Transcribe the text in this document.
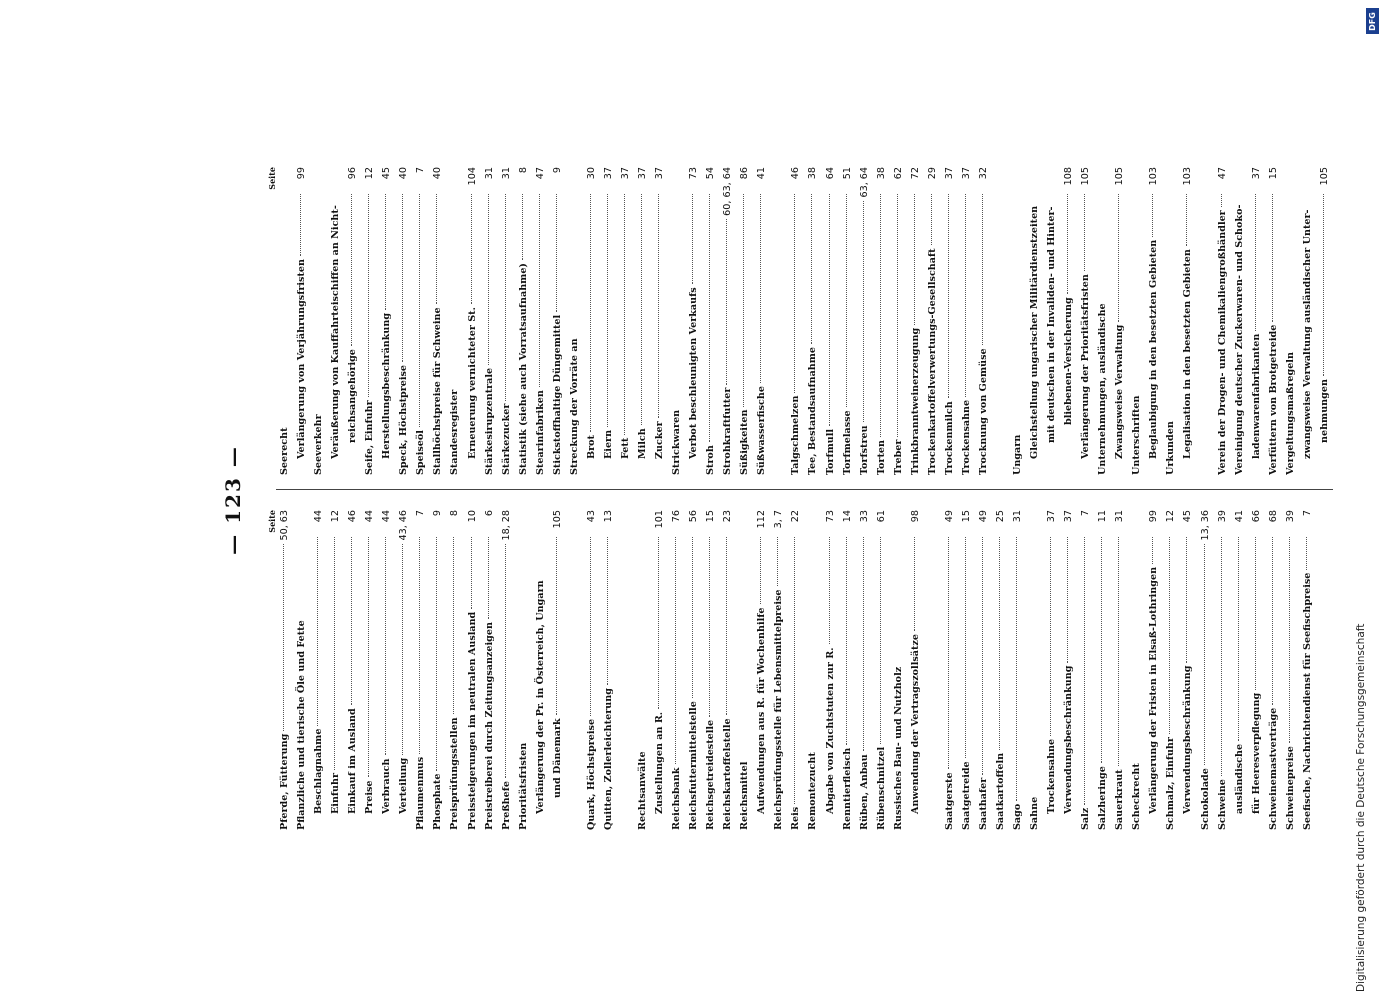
— 123 —	Seite
Pferde, Fütterung
50, 63
Pflanzliche und tierische Öle und Fette Beschlagnahme
44
Einfuhr
12
Einkauf im Ausland
46
Preise
44
Verbrauch
44
Verteilung
43, 46
Pflaumenmus
7
Phosphate
9
Preisprüfungsstellen
8
Preissteigerungen im neutralen Ausland
10
Preistreiberei durch Zeitungsanzeigen
6
Preßhefe
18, 28
Prioritätsfristen Verlängerung der Pr. in Österreich, Ungarn und Dänemark
105
Quark, Höchstpreise
43
Quitten, Zollerleichterung
13
Rechtsanwälte Zustellungen an R.
101
Reichsbank
76
Reichsfuttermittelstelle
56
Reichsgetreidestelle
15
Reichskartoffelstelle
23
Reichsmittel Aufwendungen aus R. für Wochenhilfe
112
Reichsprüfungsstelle für Lebensmittelpreise
3, 7
Reis
22
Remontezucht Abgabe von Zuchtstuten zur R.
73
Renntierfleisch
14
Rüben, Anbau
33
Rübenschnitzel
61
Russisches Bau- und Nutzholz Anwendung der Vertragszollsätze
98
Saatgerste
49
Saatgetreide
15
Saathafer
49
Saatkartoffeln
25
Sago
31
Sahne Trockensahne
37
Verwendungsbeschränkung
37
Salz
7
Salzheringe
11
Sauerkraut
31
Scheckrecht Verlängerung der Fristen in Elsaß-Lothringen
99
Schmalz, Einfuhr
12
Verwendungsbeschränkung
45
Schokolade
13, 36
Schweine
39
ausländische
41
für Heeresverpflegung
66
Schweinemastverträge
68
Schweinepreise
39
Seefische, Nachrichtendienst für Seefischpreise
7
Seite
Seerecht Verlängerung von Verjährungsfristen
99
Seeverkehr Veräußerung von Kauffahrteischiffen an Nicht- reichsangehörige
96
Seife, Einfuhr
12
Herstellungsbeschränkung
45
Speck, Höchstpreise
40
Speiseöl
7
Stallhöchstpreise für Schweine
40
Standesregister Erneuerung vernichteter St.
104
Stärkesirupzentrale
31
Stärkezucker
31
Statistik (siehe auch Vorratsaufnahme)
8
Stearinfabriken
47
Stickstoffhaltige Düngemittel
9
Streckung der Vorräte an Brot
30
Eiern
37
Fett
37
Milch
37
Zucker
37
Strickwaren Verbot beschleunigten Verkaufs
73
Stroh
54
Strohkraftfutter
60, 63, 64
Süßigkeiten
86
Süßwasserfische
41
Talgschmelzen
46
Tee, Bestandsaufnahme
38
Torfmull
64
Torfmelasse
51
Torfstreu
63, 64
Torten
38
Treber
62
Trinkbranntweinerzeugung
72
Trockenkartoffelverwertungs-Gesellschaft
29
Trockenmilch
37
Trockensahne
37
Trocknung von Gemüse
32
Ungarn Gleichstellung ungarischer Militärdienstzeiten mit deutschen in der Invaliden- und Hinter- bliebenen-Versicherung
108
Verlängerung der Prioritätsfristen
105
Unternehmungen, ausländische Zwangsweise Verwaltung
105
Unterschriften Beglaubigung in den besetzten Gebieten
103
Urkunden Legalisation in den besetzten Gebieten
103
Verein der Drogen- und Chemikaliengroßhändler
47
Vereinigung deutscher Zuckerwaren- und Schoko- ladenwarenfabrikanten
37
Verfüttern von Brotgetreide
15
Vergeltungsmaßregeln zwangsweise Verwaltung ausländischer Unter- nehmungen
105
Digitalisierung gefördert durch die Deutsche Forschungsgemeinschaft
DFG
